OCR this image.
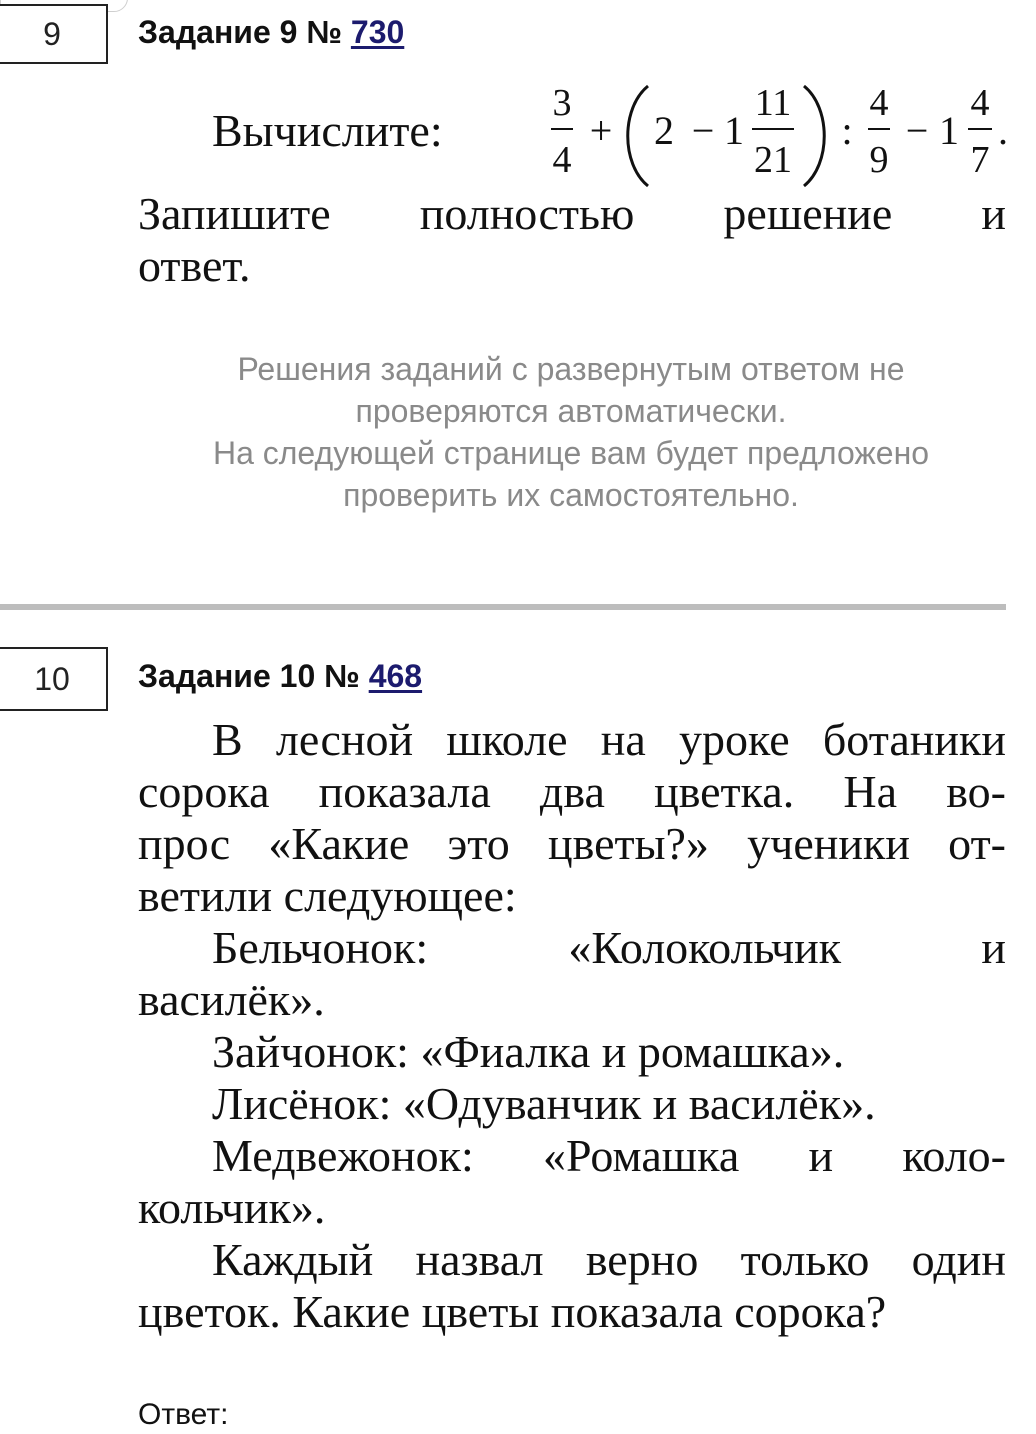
9 Задание 9 № 730
Вычислите:
3
4
+ 2 − 1
11
21
:
4
9
− 1
4
7
.
Запишите полностью решение и
ответ.
Решения заданий с развернутым ответом не
проверяются автоматически.
На следующей странице вам будет предложено
проверить их самостоятельно.
10 Задание 10 № 468
В лесной школе на уроке ботаники
сорока показала два цветка. На во-
прос «Какие это цветы?» ученики от-
ветили следующее:
Бельчонок: «Колокольчик и
василёк».
Зайчонок: «Фиалка и ромашка».
Лисёнок: «Одуванчик и василёк».
Медвежонок: «Ромашка и коло-
кольчик».
Каждый назвал верно только один
цветок. Какие цветы показала сорока?
Ответ:
